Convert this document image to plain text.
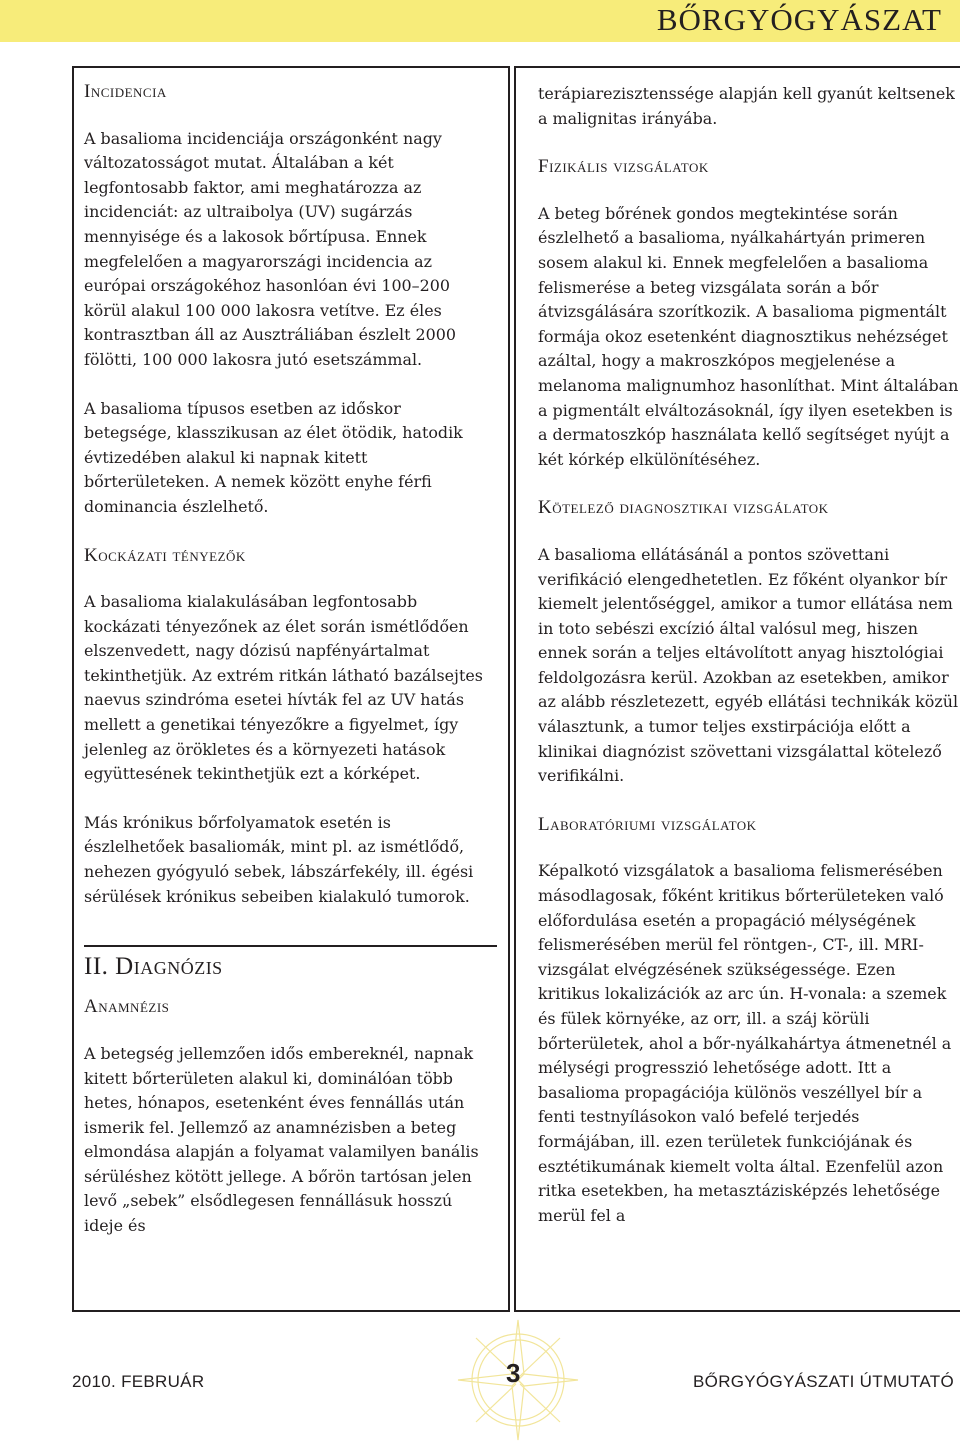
BŐRGYÓGYÁSZAT
Incidencia

A basalioma incidenciája országonként nagy változatosságot mutat. Általában a két legfontosabb faktor, ami meghatározza az incidenciát: az ultraibolya (UV) sugárzás mennyisége és a lakosok bőrtípusa. Ennek megfelelően a magyarországi incidencia az európai országokéhoz hasonlóan évi 100–200 körül alakul 100 000 lakosra vetítve. Ez éles kontrasztban áll az Ausztráliában észlelt 2000 fölötti, 100 000 lakosra jutó esetszámmal.

A basalioma típusos esetben az időskor betegsége, klasszikusan az élet ötödik, hatodik évtizedében alakul ki napnak kitett bőrterületeken. A nemek között enyhe férfi dominancia észlelhető.

Kockázati tényezők

A basalioma kialakulásában legfontosabb kockázati tényezőnek az élet során ismétlődően elszenvedett, nagy dózisú napfényártalmat tekinthetjük. Az extrém ritkán látható bazálsejtes naevus szindróma esetei hívták fel az UV hatás mellett a genetikai tényezőkre a figyelmet, így jelenleg az örökletes és a környezeti hatások együttesének tekinthetjük ezt a kórképet.

Más krónikus bőrfolyamatok esetén is észlelhetőek basaliomák, mint pl. az ismétlődő, nehezen gyógyuló sebek, lábszárfekély, ill. égési sérülések krónikus sebeiben kialakuló tumorok.

II. Diagnózis
Anamnézis

A betegség jellemzően idős embereknél, napnak kitett bőrterületen alakul ki, dominálóan több hetes, hónapos, esetenként éves fennállás után ismerik fel. Jellemző az anamnézisben a beteg elmondása alapján a folyamat valamilyen banális sérüléshez kötött jellege. A bőrön tartósan jelen levő „sebek” elsődlegesen fennállásuk hosszú ideje és

terápiarezisztenssége alapján kell gyanút keltsenek a malignitas irányába.

Fizikális vizsgálatok

A beteg bőrének gondos megtekintése során észlelhető a basalioma, nyálkahártyán primeren sosem alakul ki. Ennek megfelelően a basalioma felismerése a beteg vizsgálata során a bőr átvizsgálására szorítkozik. A basalioma pigmentált formája okoz esetenként diagnosztikus nehézséget azáltal, hogy a makroszkópos megjelenése a melanoma malignumhoz hasonlíthat. Mint általában a pigmentált elváltozásoknál, így ilyen esetekben is a dermatoszkóp használata kellő segítséget nyújt a két kórkép elkülönítéséhez.

Kötelező diagnosztikai vizsgálatok

A basalioma ellátásánál a pontos szövettani verifikáció elengedhetetlen. Ez főként olyankor bír kiemelt jelentőséggel, amikor a tumor ellátása nem in toto sebészi excízió által valósul meg, hiszen ennek során a teljes eltávolított anyag hisztológiai feldolgozásra kerül. Azokban az esetekben, amikor az alább részletezett, egyéb ellátási technikák közül választunk, a tumor teljes exstirpációja előtt a klinikai diagnózist szövettani vizsgálattal kötelező verifikálni.

Laboratóriumi vizsgálatok

Képalkotó vizsgálatok a basalioma felismerésében másodlagosak, főként kritikus bőrterületeken való előfordulása esetén a propagáció mélységének felismerésében merül fel röntgen-, CT-, ill. MRI-vizsgálat elvégzésének szükségessége. Ezen kritikus lokalizációk az arc ún. H-vonala: a szemek és fülek környéke, az orr, ill. a száj körüli bőrterületek, ahol a bőr-nyálkahártya átmenetnél a mélységi progresszió lehetősége adott. Itt a basalioma propagációja különös veszéllyel bír a fenti testnyílásokon való befelé terjedés formájában, ill. ezen területek funkciójának és esztétikumának kiemelt volta által. Ezenfelül azon ritka esetekben, ha metasztázisképzés lehetősége merül fel a

2010. FEBRUÁR	3	BŐRGYÓGYÁSZATI ÚTMUTATÓ
